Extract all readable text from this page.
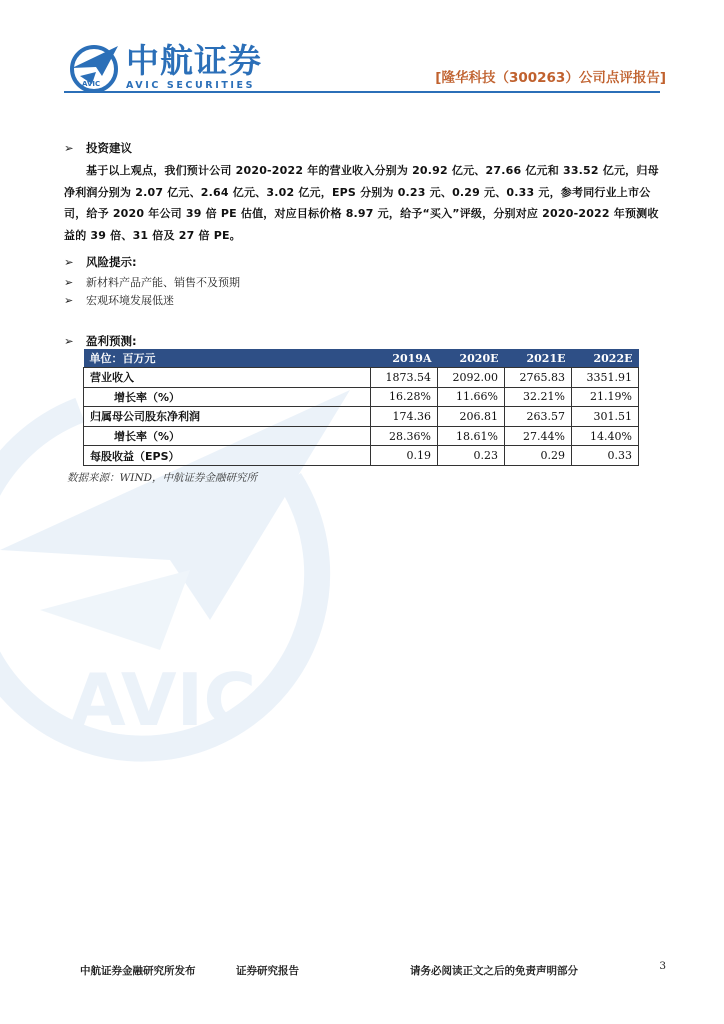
AVIC
AVIC
中航证券
AVIC SECURITIES	[隆华科技（300263）公司点评报告]
➢ 投资建议
基于以上观点，我们预计公司 2020-2022 年的营业收入分别为 20.92 亿元、27.66 亿元和 33.52 亿元，归母净利润分别为 2.07 亿元、2.64 亿元、3.02 亿元，EPS 分别为 0.23 元、0.29 元、0.33 元，参考同行业上市公司，给予 2020 年公司 39 倍 PE 估值，对应目标价格 8.97 元，给予“买入”评级，分别对应 2020-2022 年预测收益的 39 倍、31 倍及 27 倍 PE。
➢ 风险提示:
➢ 新材料产品产能、销售不及预期
➢ 宏观环境发展低迷
➢ 盈利预测:
单位：百万元	2019A	2020E	2021E	2022E
营业收入	1873.54	2092.00	2765.83	3351.91
增长率（%）	16.28%	11.66%	32.21%	21.19%
归属母公司股东净利润	174.36	206.81	263.57	301.51
增长率（%）	28.36%	18.61%	27.44%	14.40%
每股收益（EPS）	0.19	0.23	0.29	0.33
数据来源：WIND，中航证券金融研究所
中航证券金融研究所发布	证券研究报告	请务必阅读正文之后的免责声明部分	3
